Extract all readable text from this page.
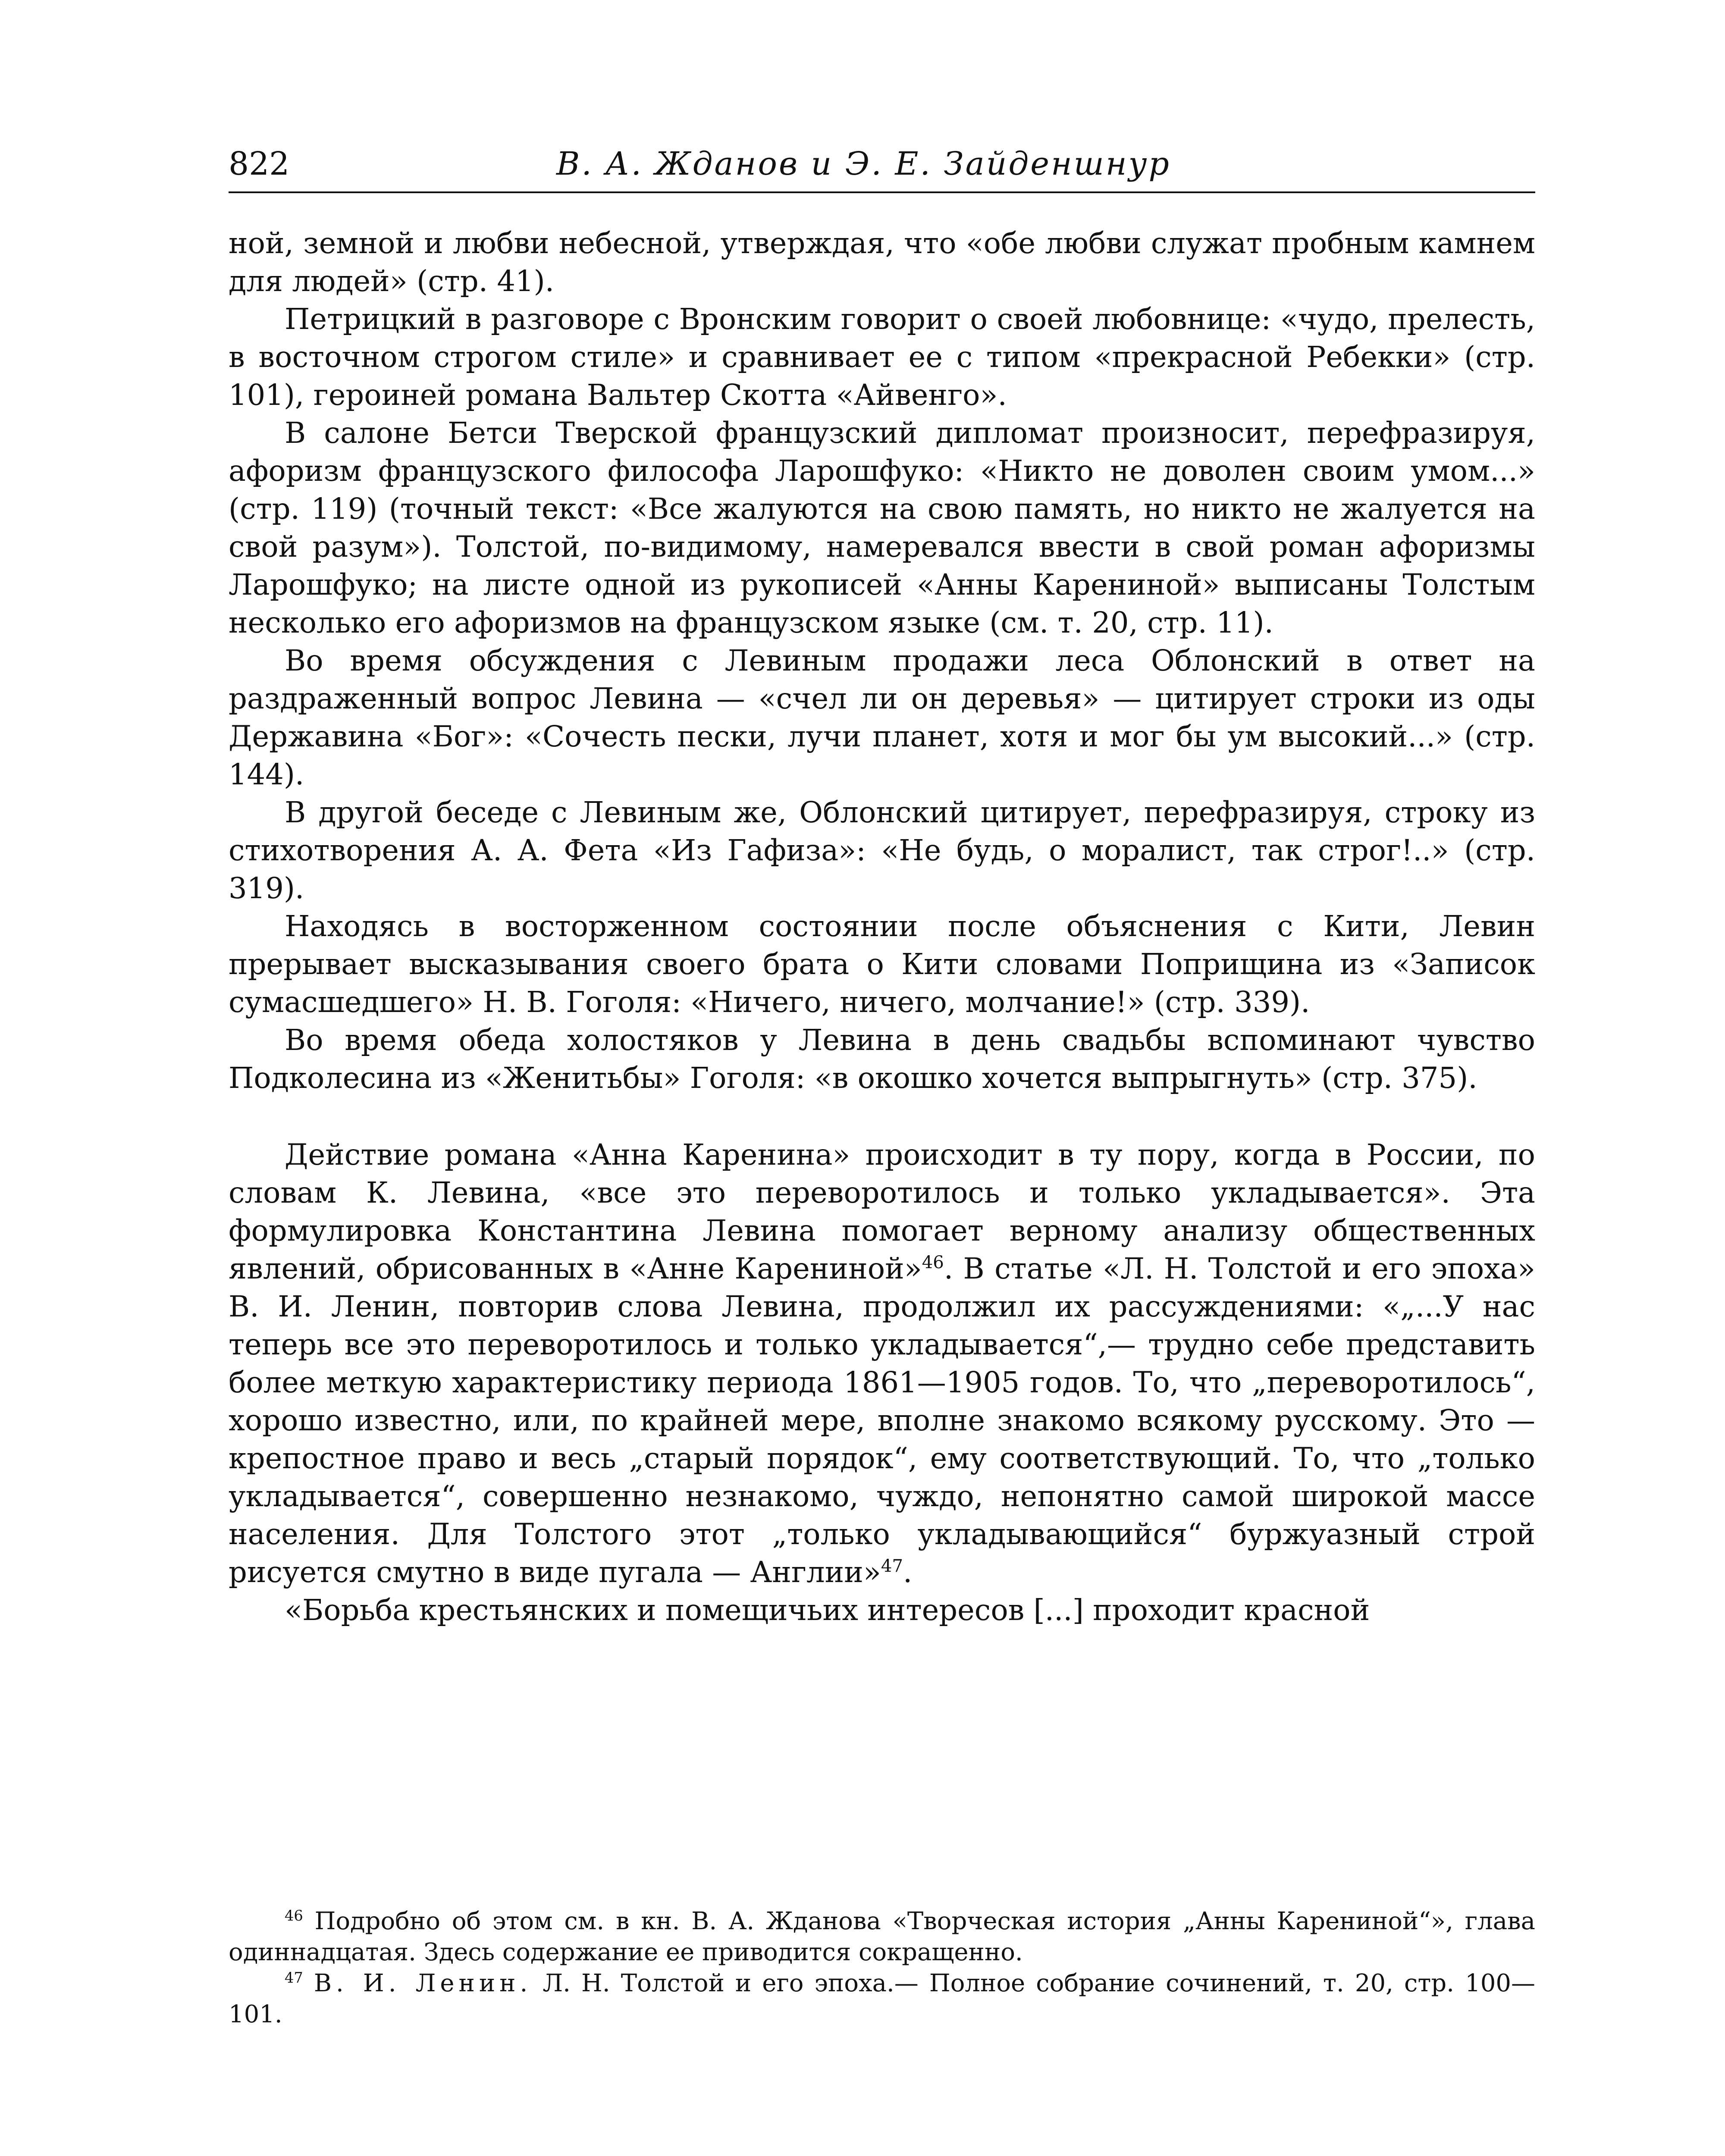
822	В. А. Жданов и Э. Е. Зайденшнур

ной, земной и любви небесной, утверждая, что «обе любви служат пробным камнем для людей» (стр. 41).

Петрицкий в разговоре с Вронским говорит о своей любовнице: «чудо, прелесть, в восточном строгом стиле» и сравнивает ее с типом «прекрасной Ребекки» (стр. 101), героиней романа Вальтер Скотта «Айвенго».

В салоне Бетси Тверской французский дипломат произносит, перефразируя, афоризм французского философа Ларошфуко: «Никто не доволен своим умом...» (стр. 119) (точный текст: «Все жалуются на свою память, но никто не жалуется на свой разум»). Толстой, по-видимому, намеревался ввести в свой роман афоризмы Ларошфуко; на листе одной из рукописей «Анны Карениной» выписаны Толстым несколько его афоризмов на французском языке (см. т. 20, стр. 11).

Во время обсуждения с Левиным продажи леса Облонский в ответ на раздраженный вопрос Левина — «счел ли он деревья» — цитирует строки из оды Державина «Бог»: «Сочесть пески, лучи планет, хотя и мог бы ум высокий...» (стр. 144).

В другой беседе с Левиным же, Облонский цитирует, перефразируя, строку из стихотворения А. А. Фета «Из Гафиза»: «Не будь, о моралист, так строг!..» (стр. 319).

Находясь в восторженном состоянии после объяснения с Кити, Левин прерывает высказывания своего брата о Кити словами Поприщина из «Записок сумасшедшего» Н. В. Гоголя: «Ничего, ничего, молчание!» (стр. 339).

Во время обеда холостяков у Левина в день свадьбы вспоминают чувство Подколесина из «Женитьбы» Гоголя: «в окошко хочется выпрыгнуть» (стр. 375).

Действие романа «Анна Каренина» происходит в ту пору, когда в России, по словам К. Левина, «все это переворотилось и только укладывается». Эта формулировка Константина Левина помогает верному анализу общественных явлений, обрисованных в «Анне Карениной»$^{46}$. В статье «Л. Н. Толстой и его эпоха» В. И. Ленин, повторив слова Левина, продолжил их рассуждениями: «„...У нас теперь все это переворотилось и только укладывается“,— трудно себе представить более меткую характеристику периода 1861—1905 годов. То, что „переворотилось“, хорошо известно, или, по крайней мере, вполне знакомо всякому русскому. Это — крепостное право и весь „старый порядок“, ему соответствующий. То, что „только укладывается“, совершенно незнакомо, чуждо, непонятно самой широкой массе населения. Для Толстого этот „только укладывающийся“ буржуазный строй рисуется смутно в виде пугала — Англии»$^{47}$.

«Борьба крестьянских и помещичьих интересов [...] проходит красной

$^{46}$ Подробно об этом см. в кн. В. А. Жданова «Творческая история „Анны Карениной“», глава одиннадцатая. Здесь содержание ее приводится сокращенно.

$^{47}$ В. И. Ленин. Л. Н. Толстой и его эпоха.— Полное собрание сочинений, т. 20, стр. 100—101.
